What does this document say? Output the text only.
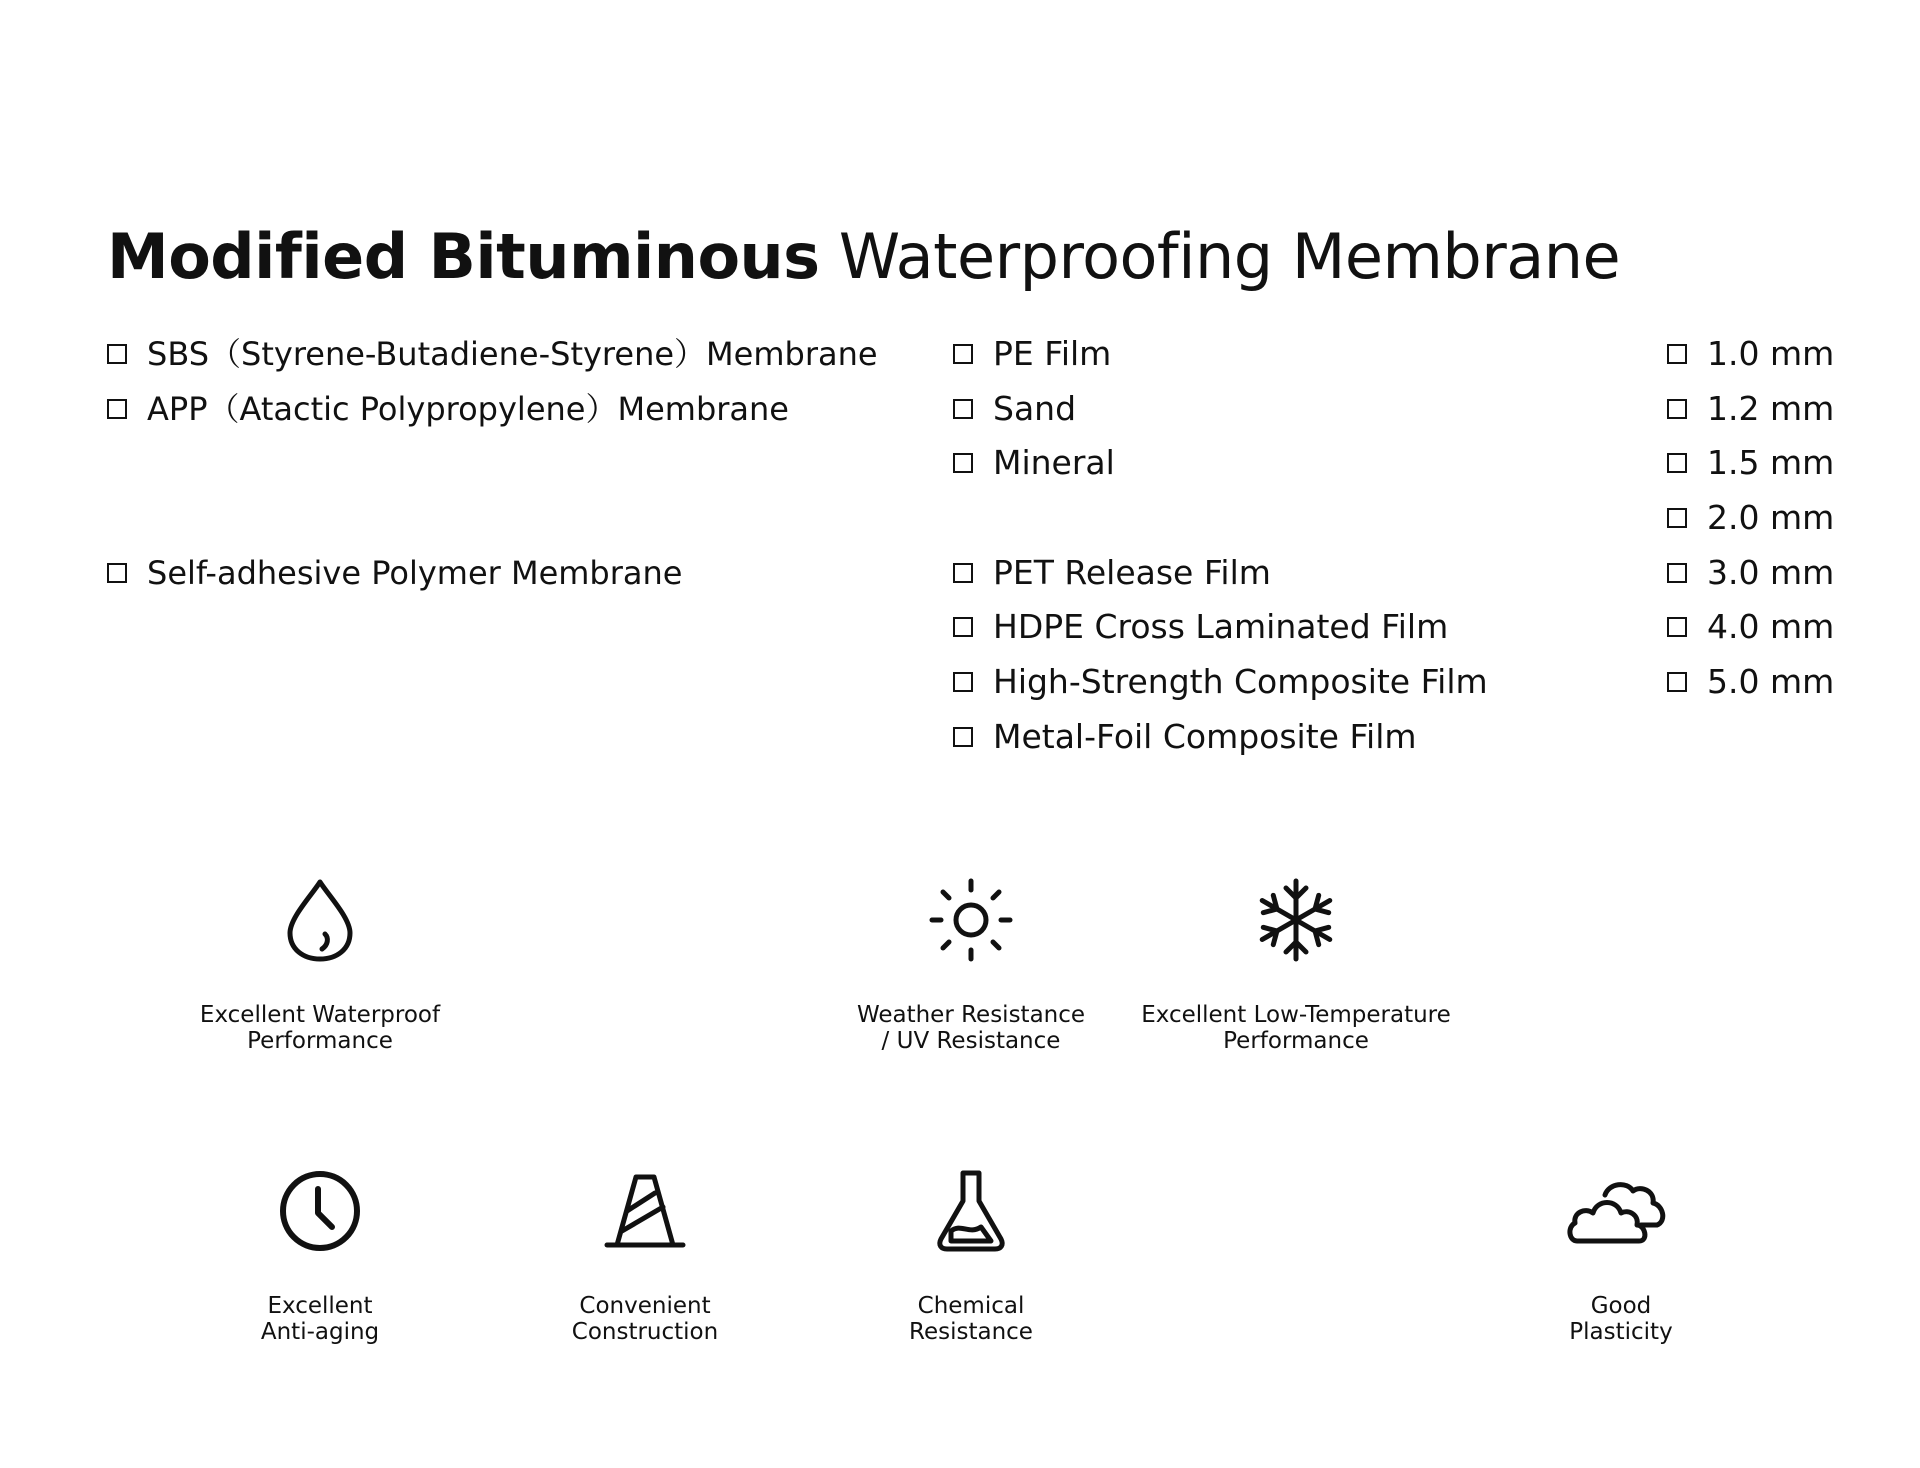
Modified Bituminous Waterproofing Membrane
SBS（Styrene-Butadiene-Styrene）Membrane
APP（Atactic Polypropylene）Membrane
Self-adhesive Polymer Membrane
PE Film
Sand
Mineral
PET Release Film
HDPE Cross Laminated Film
High-Strength Composite Film
Metal-Foil Composite Film
1.0 mm
1.2 mm
1.5 mm
2.0 mm
3.0 mm
4.0 mm
5.0 mm
Excellent Waterproof
Performance
Weather Resistance
/ UV Resistance
Excellent Low-Temperature
Performance
Excellent
Anti-aging
Convenient
Construction
Chemical
Resistance
Good
Plasticity
